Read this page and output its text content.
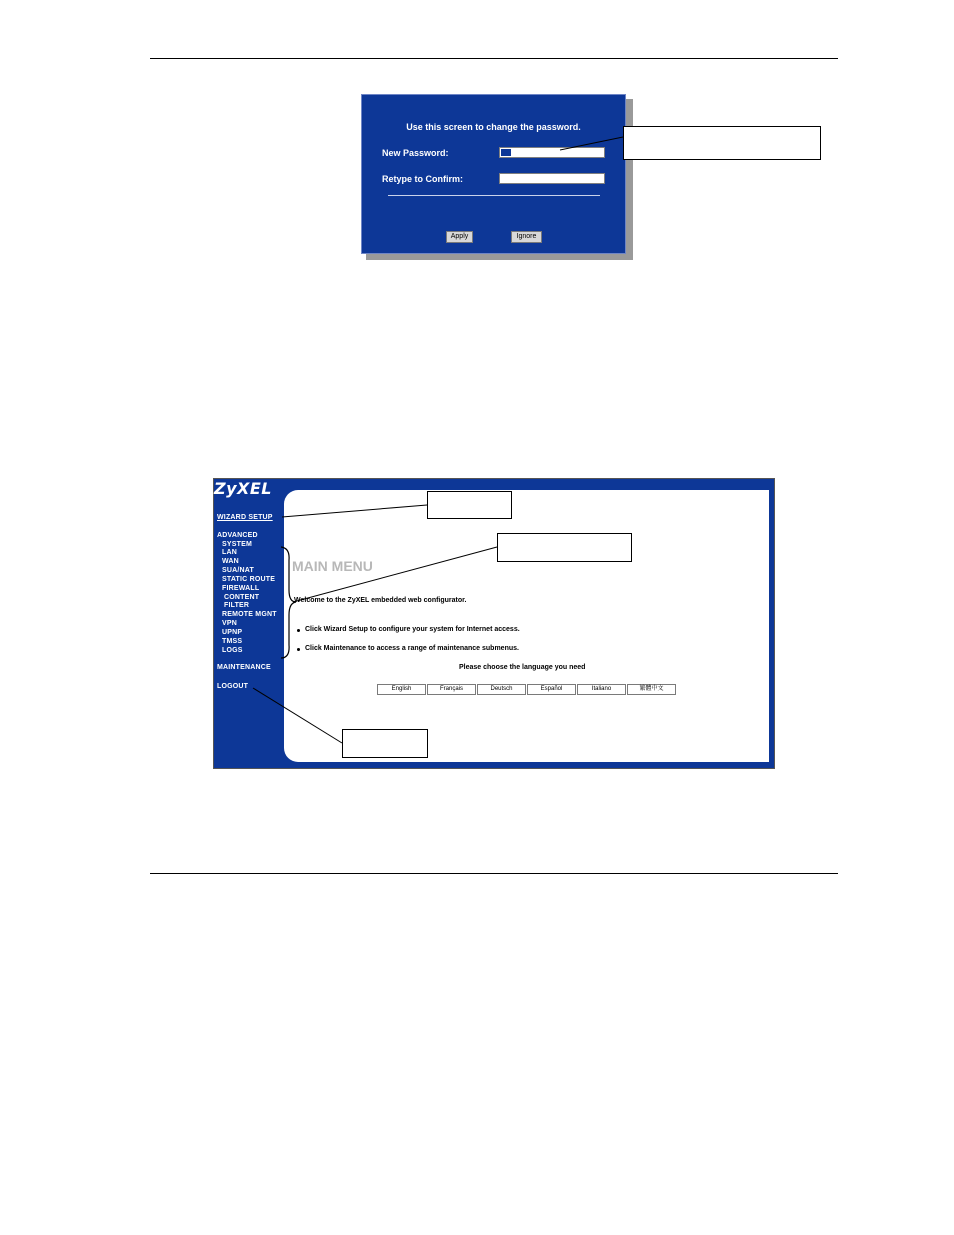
Use this screen to change the password.
New Password:
Retype to Confirm:
Apply	Ignore
ZyXEL
WIZARD SETUP
ADVANCED
SYSTEM
LAN
WAN
SUA/NAT
STATIC ROUTE
FIREWALL
CONTENT
FILTER
REMOTE MGNT
VPN
UPNP
TMSS
LOGS
MAINTENANCE
LOGOUT
MAIN MENU
Welcome to the ZyXEL embedded web configurator.
Click Wizard Setup to configure your system for Internet access.
Click Maintenance to access a range of maintenance submenus.
Please choose the language you need
English	Français	Deutsch	Español	Italiano	繁體中文
